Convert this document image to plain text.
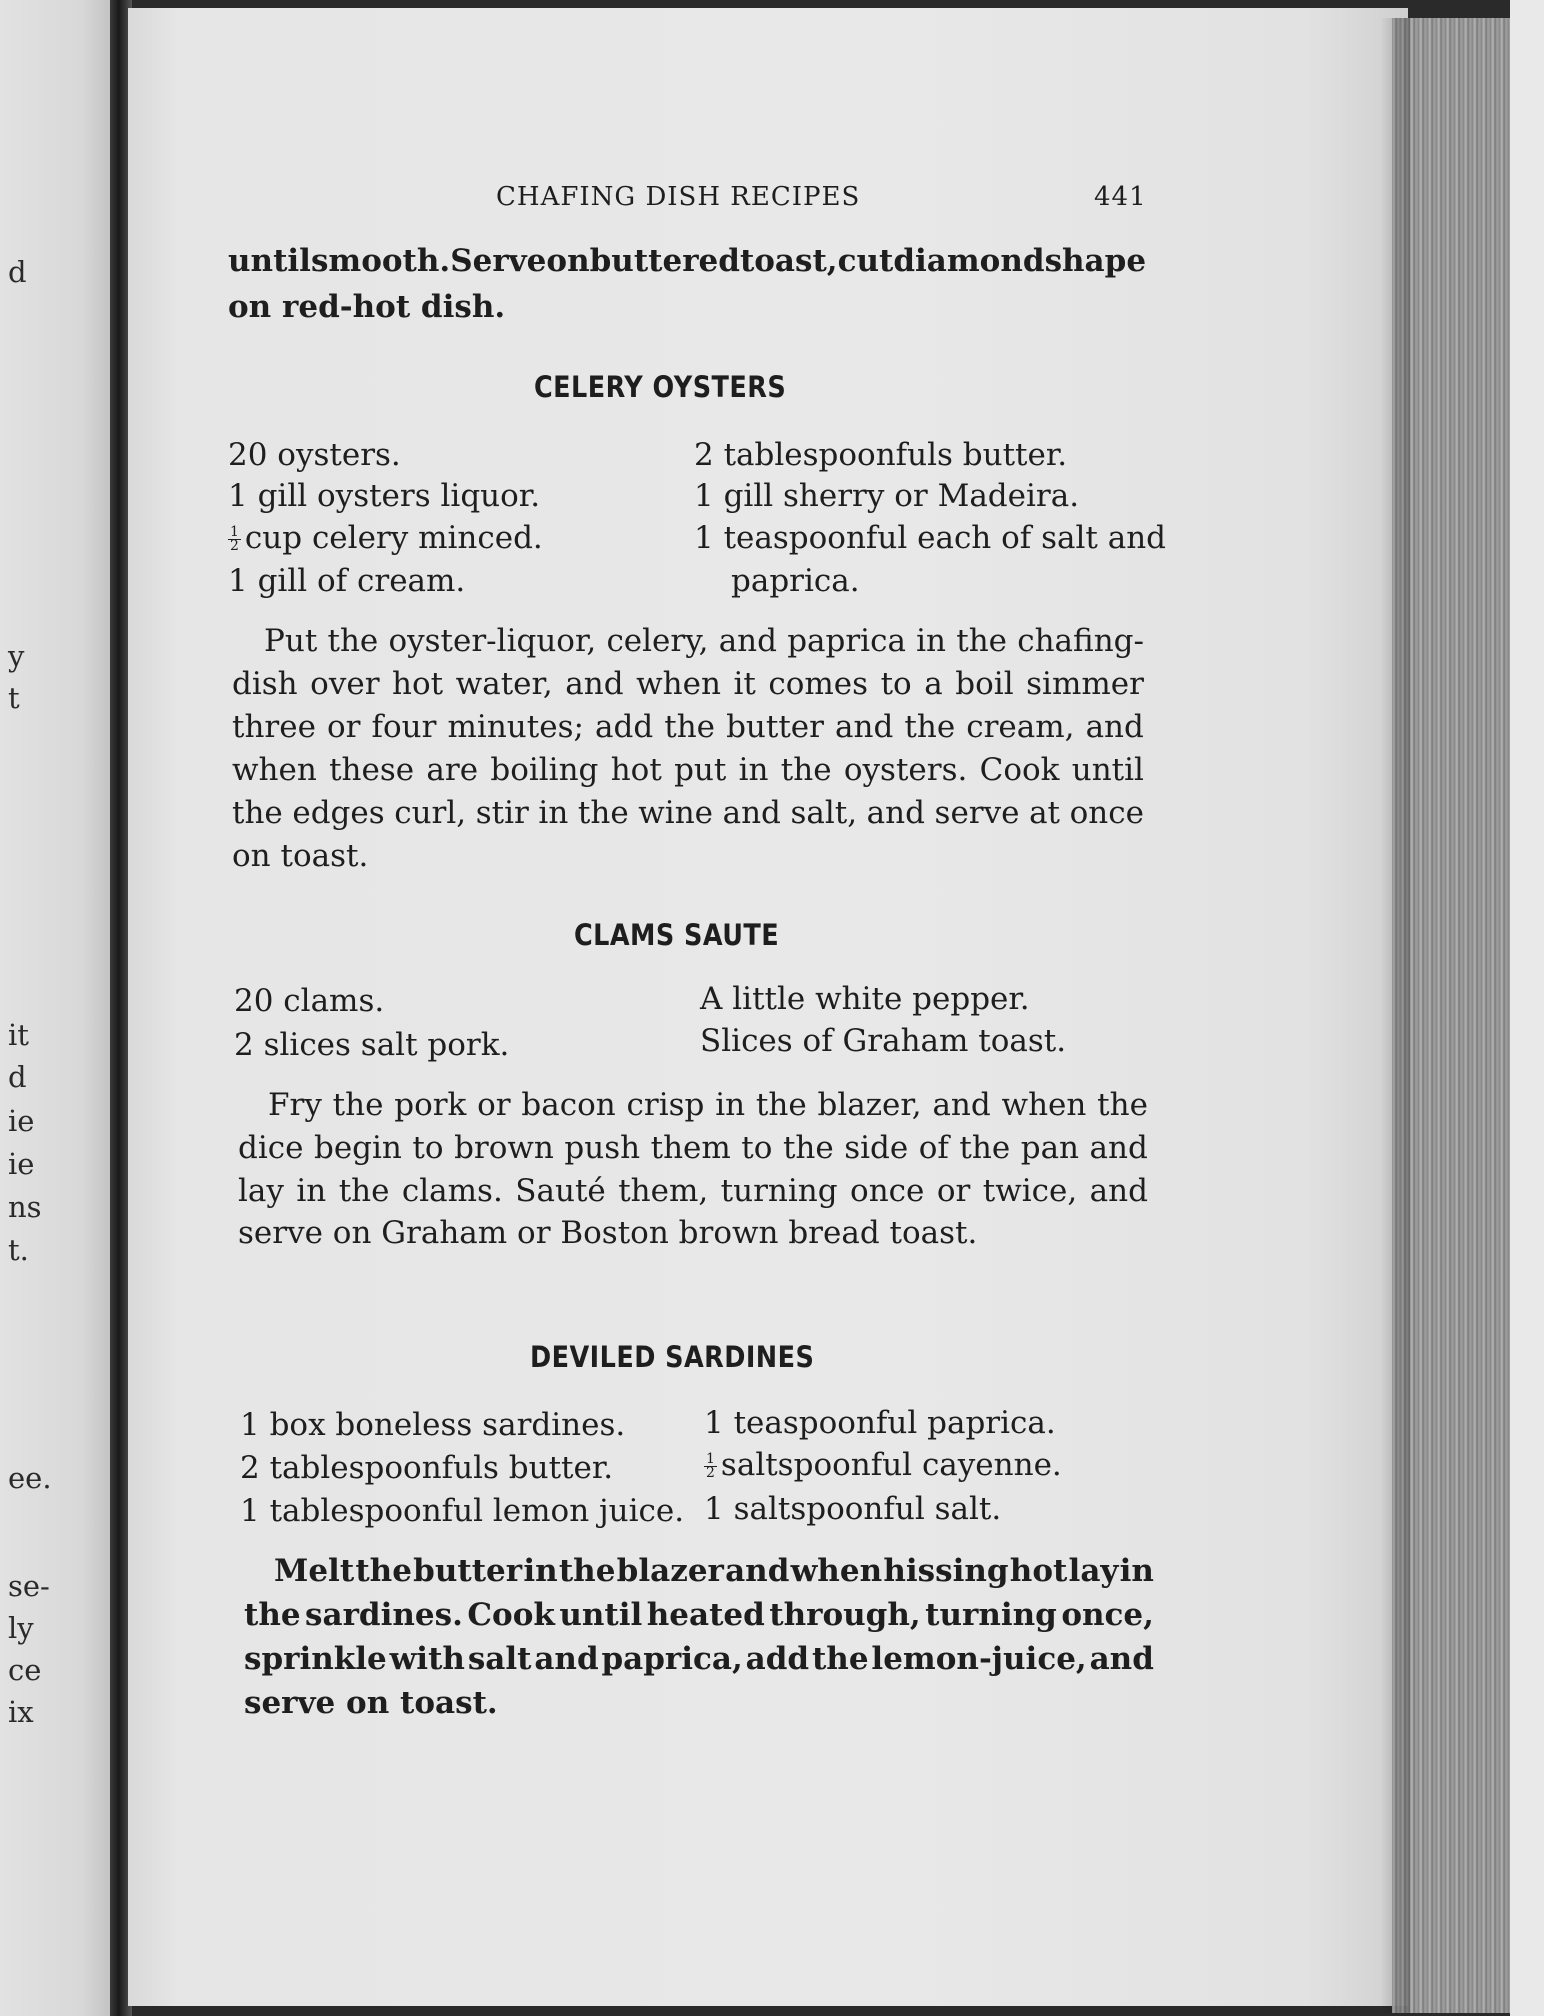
d
y
t
it
d
ie
ie
ns
t.
ee.
se-
ly
ce
ix
CHAFING DISH RECIPES	441
until smooth. Serve on buttered toast, cut diamond shape
on red-hot dish.
CELERY OYSTERS
20 oysters.
1 gill oysters liquor.
$\frac{1}{2}$ cup celery minced.
1 gill of cream.
2 tablespoonfuls butter.
1 gill sherry or Madeira.
1 teaspoonful each of salt and
paprica.
Put the oyster-liquor, celery, and paprica in the chafing-
dish over hot water, and when it comes to a boil simmer
three or four minutes; add the butter and the cream, and
when these are boiling hot put in the oysters. Cook until
the edges curl, stir in the wine and salt, and serve at once
on toast.
CLAMS SAUTE
20 clams.
2 slices salt pork.
A little white pepper.
Slices of Graham toast.
Fry the pork or bacon crisp in the blazer, and when the
dice begin to brown push them to the side of the pan and
lay in the clams. Sauté them, turning once or twice, and
serve on Graham or Boston brown bread toast.
DEVILED SARDINES
1 box boneless sardines.
2 tablespoonfuls butter.
1 tablespoonful lemon juice.
1 teaspoonful paprica.
$\frac{1}{2}$ saltspoonful cayenne.
1 saltspoonful salt.
Melt the butter in the blazer and when hissing hot lay in
the sardines. Cook until heated through, turning once,
sprinkle with salt and paprica, add the lemon-juice, and
serve on toast.
